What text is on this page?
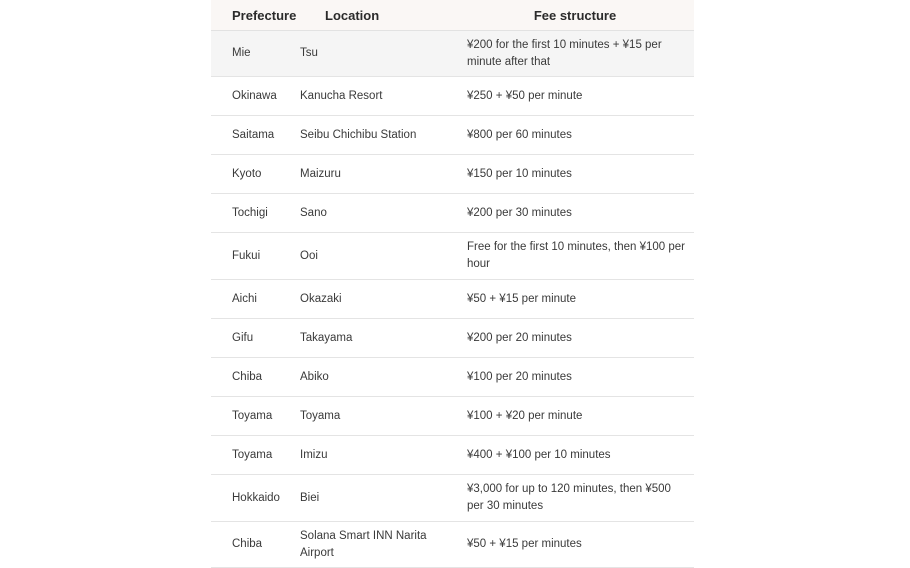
Prefecture	Location	Fee structure
Mie	Tsu	¥200 for the first 10 minutes + ¥15 per minute after that
Okinawa	Kanucha Resort	¥250 + ¥50 per minute
Saitama	Seibu Chichibu Station	¥800 per 60 minutes
Kyoto	Maizuru	¥150 per 10 minutes
Tochigi	Sano	¥200 per 30 minutes
Fukui	Ooi	Free for the first 10 minutes, then ¥100 per hour
Aichi	Okazaki	¥50 + ¥15 per minute
Gifu	Takayama	¥200 per 20 minutes
Chiba	Abiko	¥100 per 20 minutes
Toyama	Toyama	¥100 + ¥20 per minute
Toyama	Imizu	¥400 + ¥100 per 10 minutes
Hokkaido	Biei	¥3,000 for up to 120 minutes, then ¥500 per 30 minutes
Chiba	Solana Smart INN Narita Airport	¥50 + ¥15 per minutes
